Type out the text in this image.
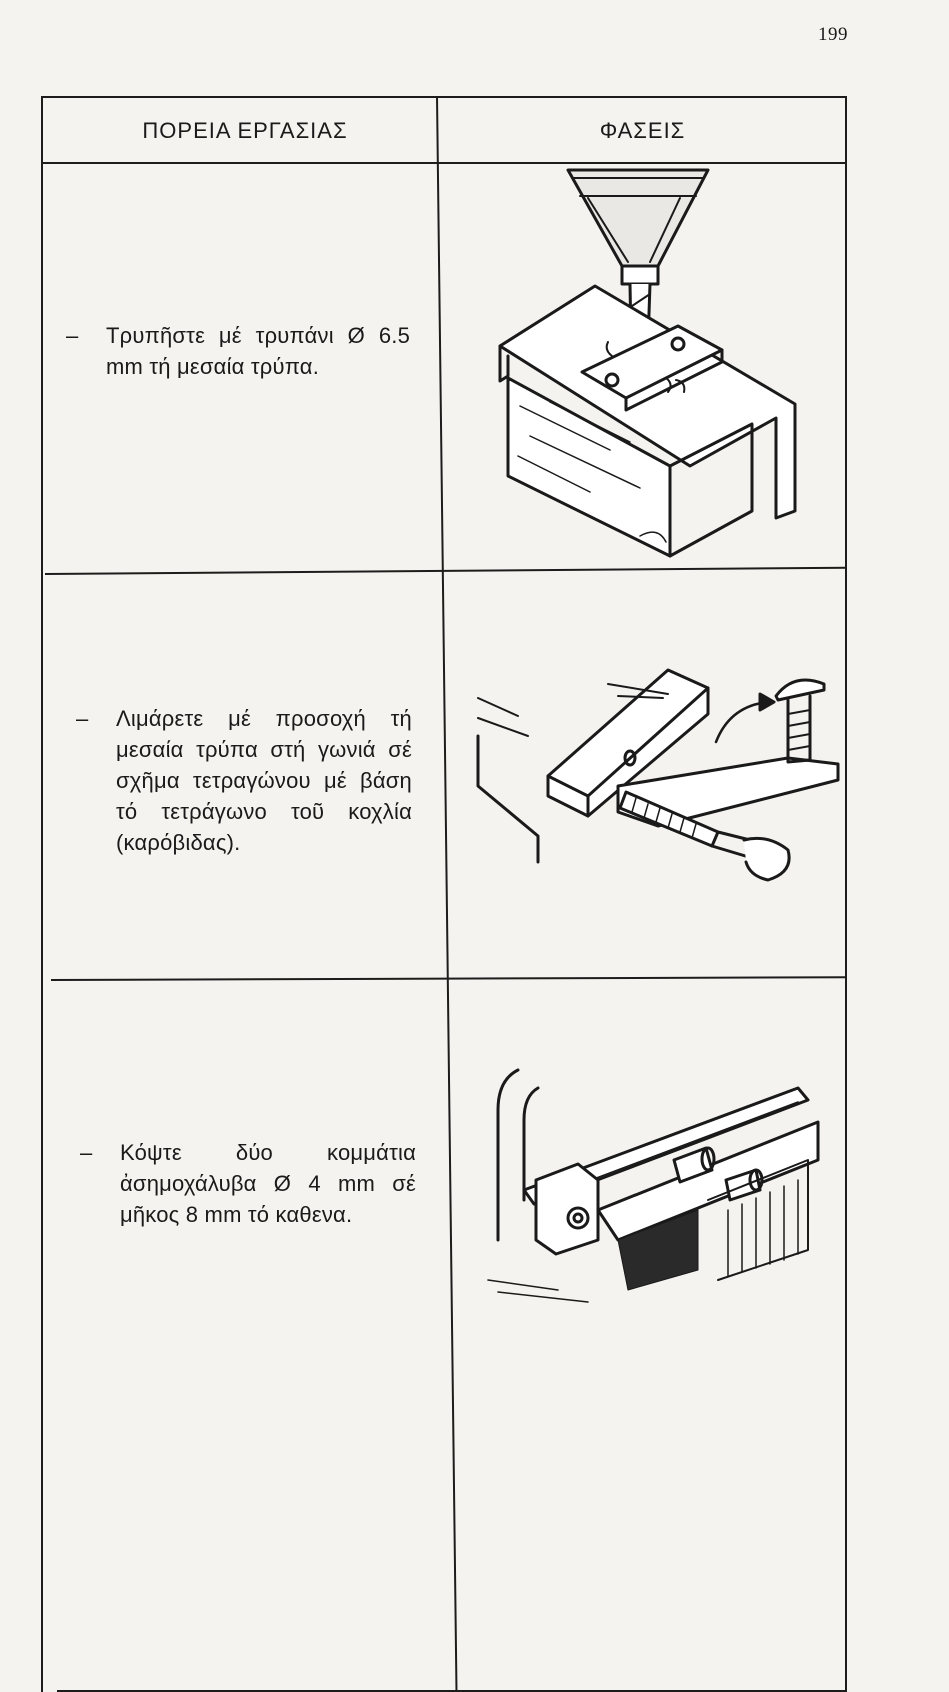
199
ΠΟΡΕΙΑ ΕΡΓΑΣΙΑΣ	ΦΑΣΕΙΣ
– Τρυπῆστε μέ τρυπάνι Ø 6.5 mm τή μεσαία τρύπα.
– Λιμάρετε μέ προσοχή τή μεσαία τρύπα στή γωνιά σέ σχῆμα τετραγώνου μέ βάση τό τετράγωνο τοῦ κοχλία (καρόβιδας).
– Κόψτε δύο κομμάτια ἀσημοχάλυβα Ø 4 mm σέ μῆκος 8 mm τό καθενα.
